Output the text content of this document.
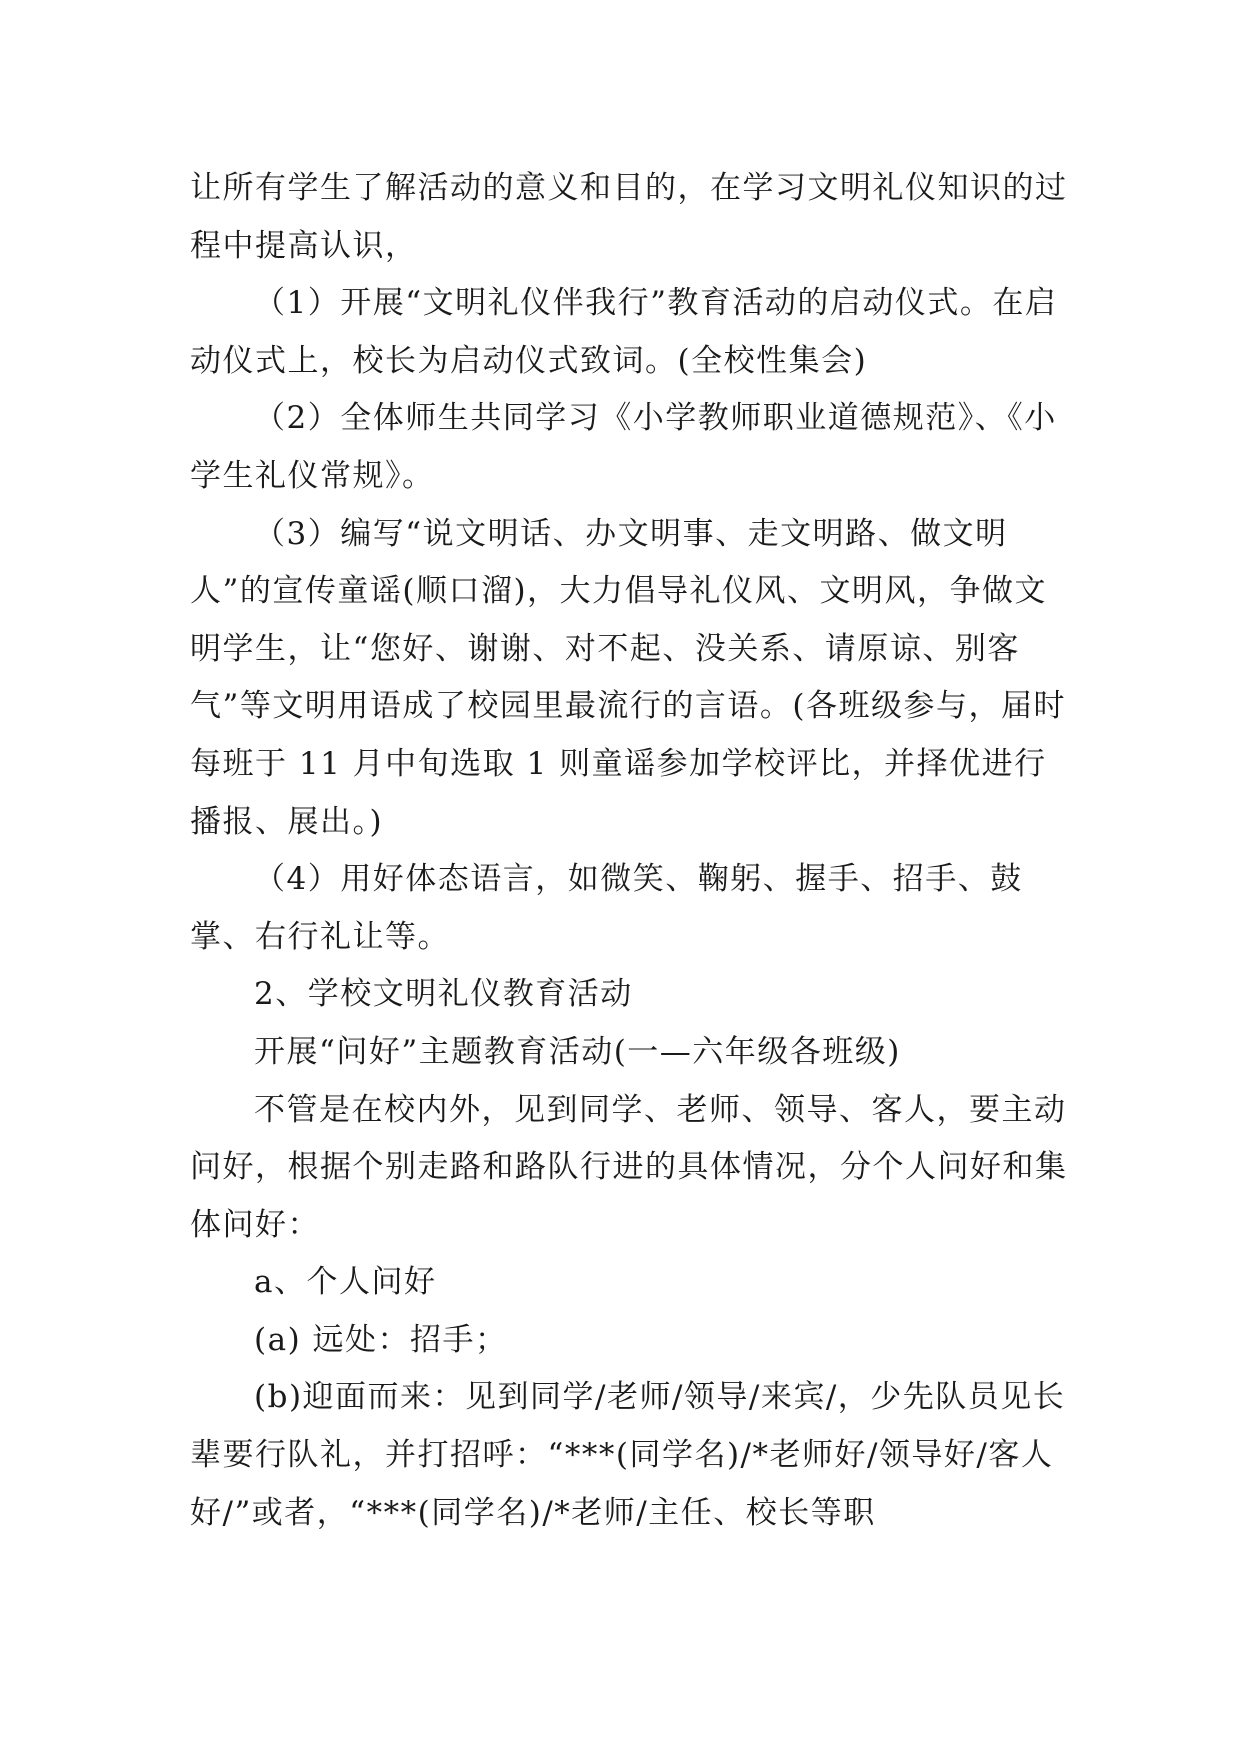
让所有学生了解活动的意义和目的，在学习文明礼仪知识的过程中提高认识，

（1）开展“文明礼仪伴我行”教育活动的启动仪式。在启动仪式上，校长为启动仪式致词。(全校性集会)

（2）全体师生共同学习《小学教师职业道德规范》、《小学生礼仪常规》。

（3）编写“说文明话、办文明事、走文明路、做文明人”的宣传童谣(顺口溜)，大力倡导礼仪风、文明风，争做文明学生，让“您好、谢谢、对不起、没关系、请原谅、别客气”等文明用语成了校园里最流行的言语。(各班级参与，届时每班于 11 月中旬选取 1 则童谣参加学校评比，并择优进行播报、展出。)

（4）用好体态语言，如微笑、鞠躬、握手、招手、鼓掌、右行礼让等。

2、学校文明礼仪教育活动

开展“问好”主题教育活动(一—六年级各班级)

不管是在校内外，见到同学、老师、领导、客人，要主动问好，根据个别走路和路队行进的具体情况，分个人问好和集体问好：

a、个人问好

(a) 远处：招手；

(b)迎面而来：见到同学/老师/领导/来宾/，少先队员见长辈要行队礼，并打招呼：“***(同学名)/*老师好/领导好/客人好/”或者，“***(同学名)/*老师/主任、校长等职
